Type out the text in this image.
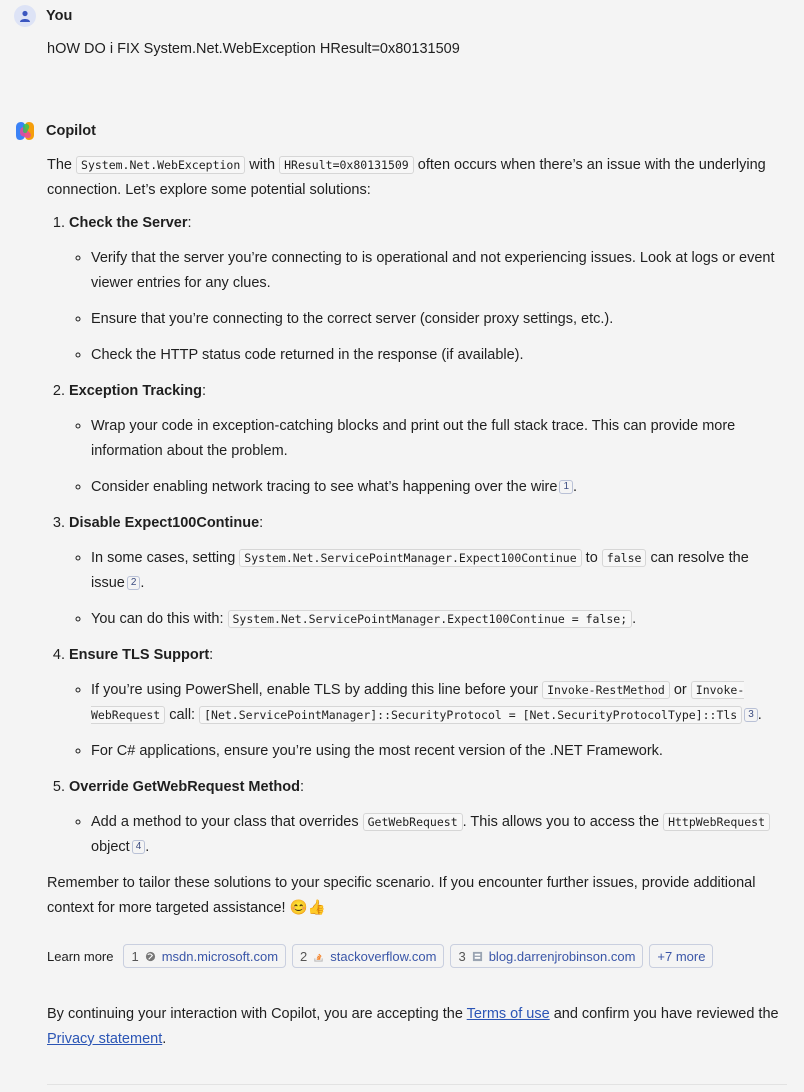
You
hOW DO i FIX System.Net.WebException HResult=0x80131509
Copilot
The System.Net.WebException with HResult=0x80131509 often occurs when there’s an issue with the underlying connection. Let’s explore some potential solutions:
1. Check the Server:
◦ Verify that the server you’re connecting to is operational and not experiencing issues. Look at logs or event viewer entries for any clues.
◦ Ensure that you’re connecting to the correct server (consider proxy settings, etc.).
◦ Check the HTTP status code returned in the response (if available).
2. Exception Tracking:
◦ Wrap your code in exception-catching blocks and print out the full stack trace. This can provide more information about the problem.
◦ Consider enabling network tracing to see what’s happening over the wire 1 .
3. Disable Expect100Continue:
◦ In some cases, setting System.Net.ServicePointManager.Expect100Continue to false can resolve the issue 2 .
◦ You can do this with: System.Net.ServicePointManager.Expect100Continue = false; .
4. Ensure TLS Support:
◦ If you’re using PowerShell, enable TLS by adding this line before your Invoke-RestMethod or Invoke-WebRequest call: [Net.ServicePointManager]::SecurityProtocol = [Net.SecurityProtocolType]::Tls 3 .
◦ For C# applications, ensure you’re using the most recent version of the .NET Framework.
5. Override GetWebRequest Method:
◦ Add a method to your class that overrides GetWebRequest . This allows you to access the HttpWebRequest object 4 .
Remember to tailor these solutions to your specific scenario. If you encounter further issues, provide additional context for more targeted assistance! 😊👍
Learn more 1 msdn.microsoft.com 2 stackoverflow.com 3 blog.darrenjrobinson.com +7 more
By continuing your interaction with Copilot, you are accepting the Terms of use and confirm you have reviewed the Privacy statement.
